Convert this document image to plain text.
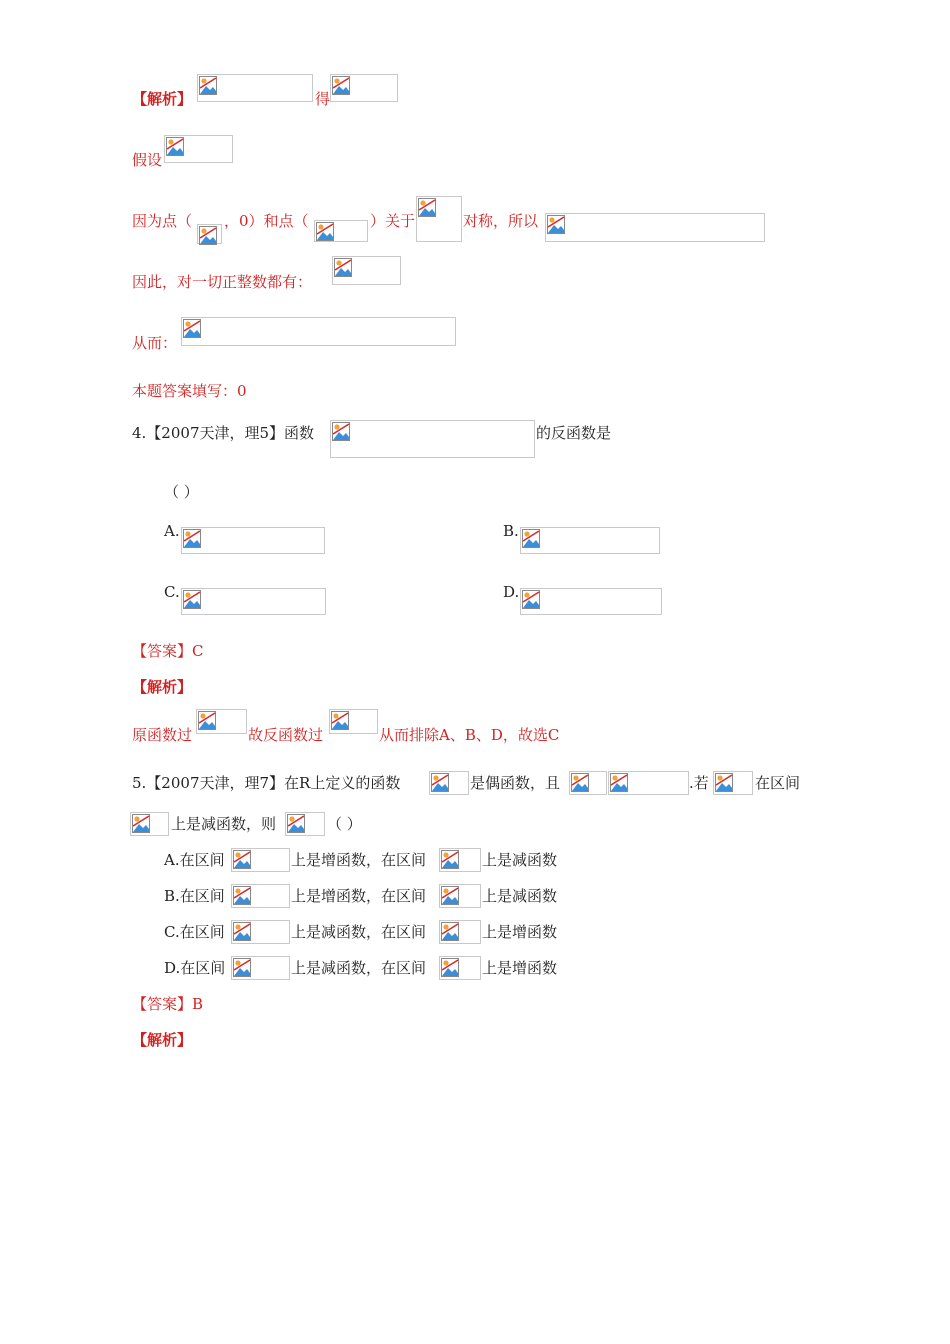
【解析】	得
假设
因为点（ ，0）和点（	）关于	对称，所以
因此，对一切正整数都有：
从而：
本题答案填写：0
4.【2007天津，理5】函数	的反函数是
（ ）
A.	B.
C.	D.
【答案】C
【解析】
原函数过	故反函数过	从而排除A、B、D，故选C
5.【2007天津，理7】在R上定义的函数	是偶函数，且	.若	在区间
上是减函数，则	（ ）
A.在区间	上是增函数，在区间	上是减函数
B.在区间	上是增函数，在区间	上是减函数
C.在区间	上是减函数，在区间	上是增函数
D.在区间	上是减函数，在区间	上是增函数
【答案】B
【解析】
